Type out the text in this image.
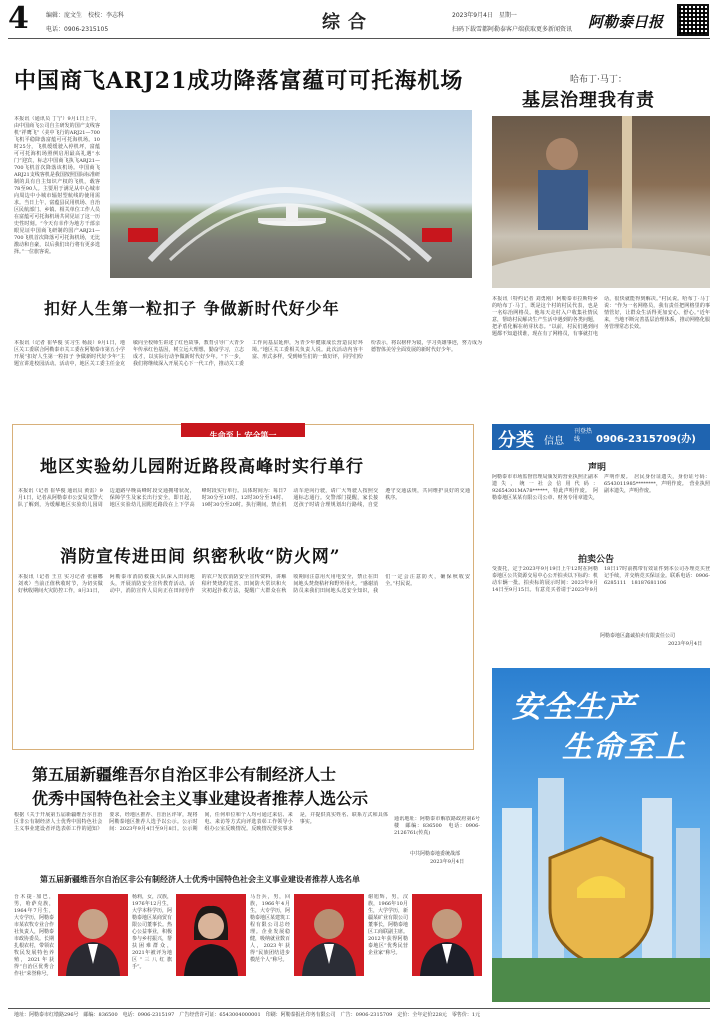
4	编辑：庞文生　校校：李志科
电话：0906-2315105	综合	2023年9月4日　星期一
扫码下载雪都阿勒泰客户端获取更多新闻资讯 阿勒泰日报
中国商飞ARJ21成功降落富蕴可可托海机场
本报讯（通讯员 丁宁）9月1日上午，由中国商飞公司自主研发的国产支线客机“祥鹰飞”（美中飞行的ARJ21—700飞机平稳降落富蕴可可托海机场。10时25分，飞机缓缓驶入停机坪，富蕴可可托海机场照例启用最高礼遇“水门”迎宾，标志中国商飞执飞ARJ21—700飞机首次降落该机场。中国商飞ARJ21支线客机是我国按照国际标准研制的具有自主知识产权的飞机，载客78至90人。主要用于满足从中心城市向周边中小城市辐射型航线的使用需求。当日上午，富蕴县民用机场、自治区民航部门、乡镇、相关单位工作人员在富蕴可可托海机场共同见证了这一历史性时刻。“今天有幸作为地方干部亲眼见证中国商飞研制的国产ARJ21—700飞机首次降落可可托海机场，无比激动和自豪，以后我们出行将有更多选择。”一位旅客说。
哈布丁·马丁：
基层治理我有责
本报讯（特约记者 刘勇刚）阿勒泰市拉斯特乡的哈布丁·马丁，既是这个村的村民代表，也是一名综治网格员。他每天走村入户收集社情民意，帮助村民解决生产生活中遇到的各类问题，把矛盾化解在萌芽状态。“以前，村民们遇到问题都不知道找谁，现在有了网格员，有事就打电话，很快就能得到解决。”村民说。哈布丁·马丁说：“作为一名网格员，我有责任把网格里的事情管好，让群众生活得更加安心、舒心。”近年来，当地不断完善基层治理体系，推动网格化服务管理常态长效。
扣好人生第一粒扣子 争做新时代好少年
本报讯（记者 崔华俊 实习生 杨晨）9月1日，地区关工委联合阿勒泰市关工委在阿勒泰市第五小学开展“扣好人生第一粒扣子 争做新时代好少年”主题宣讲进校园活动。活动中，地区关工委主任金克敏向全校师生讲述了红色故事，教育引导广大青少年传承红色基因，树立远大理想，勤奋学习，立志成才，以实际行动争做新时代好少年。“下一步，我们将继续深入开展关心下一代工作，推动关工委工作向基层延伸，为青少年健康成长营造良好环境。”地区关工委相关负责人说。此次活动内容丰富、形式多样，受到师生们的一致好评，同学们纷纷表示，将以榜样为镜，学习英雄事迹，努力成为德智体美劳全面发展的新时代好少年。
生命至上 安全第一
地区实验幼儿园附近路段高峰时实行单行
本报讯（记者 崔华俊 通讯员 黄雷）9月1日，记者从阿勒泰市公安局交警大队了解到，为缓解地区实验幼儿园周边道路早晚高峰时段交通拥堵状况，保障学生及家长出行安全，即日起，地区实验幼儿园附近路段在上下学高峰时段实行单行。具体时间为：每日7时30分至10时、12时30分至14时、19时30分至20时。执行期间，禁止机动车逆向行驶，请广大驾驶人按照交通标志通行。交警部门提醒，家长接送孩子时请合理规划出行路线，自觉遵守交通法规，共同维护良好的交通秩序。
消防宣传进田间 织密秋收“防火网”
本报讯（记者 王豆 实习记者 张丽娜 刘欢）当前正值秋收时节，为切实做好秋收期间火灾防控工作，8月31日，阿勒泰市消防救援大队深入田间地头，开展消防安全宣传教育活动。活动中，消防宣传人员向正在田间劳作的农户发放消防安全宣传资料，讲解秸秆焚烧的危害、田间防火常识和火灾初起扑救方法，提醒广大群众在秋收期间注意用火用电安全，禁止在田间地头焚烧秸秆和野外用火。“感谢消防员来我们田间地头送安全知识，我们一定会注意防火，确保秋收安全。”村民说。
分类 信息
刊登热线	0906-2315709(办)
声明
阿勒泰市市场监督管理局颁发的营业执照正副本遗失，统一社会信用代码：92654301MA78******，特此声明作废。　阿勒泰地区某某有限公司公章、财务专用章遗失，声明作废。　居民身份证遗失，身份证号码：6543011985********，声明作废。　营业执照副本遗失，声明作废。
拍卖公告
受委托，定于2023年9月19日上午12时在阿勒泰地区公共资源交易中心公开拍卖以下标的：机动车辆一批。拍卖标的展示时间：2023年9月14日至9月15日。有意竞买者请于2023年9月18日17时前携带有效证件到本公司办理竞买登记手续，并交纳竞买保证金。联系电话：0906-6285111　18187681106
阿勒泰地区鑫诚拍卖有限责任公司
2023年9月4日
安全生产
生命至上
第五届新疆维吾尔自治区非公有制经济人士
优秀中国特色社会主义事业建设者推荐人选公示
根据《关于开展第五届新疆维吾尔自治区非公有制经济人士优秀中国特色社会主义事业建设者评选表彰工作的通知》要求，经地区推荐、自治区评审，现将阿勒泰地区推荐人选予以公示。公示时间：2023年9月4日至9月8日。公示期间，任何单位和个人均可通过来信、来电、来访等方式向评选表彰工作领导小组办公室反映情况。反映情况要实事求是，并提供真实姓名、联系方式和具体事实。	通讯地址：阿勒泰市解放路政府第6号楼　邮编：836500　电话：0906-2126761(传真)
中共阿勒泰地委统战部
2023年9月4日
第五届新疆维吾尔自治区非公有制经济人士优秀中国特色社会主义事业建设者推荐人选名单
吾木提·加巴，男，哈萨克族，1964年7月生，大专学历，阿勒泰市某农牧专业合作社负责人，阿勒泰市政协委员。长期扎根农村，带领农牧民发展特色养殖，2021年获得“自治区优秀合作社”荣誉称号。
杨莉，女，汉族，1976年12月生，大学本科学历，阿勒泰地区某商贸有限公司董事长。热心公益事业，积极参与乡村振兴，帮扶困难群众，2021年被评为地区“三八红旗手”。
马吾兵，男，回族，1966年4月生，大专学历，阿勒泰地区某建筑工程有限公司总经理。企业发展稳健，吸纳就业数百人，2023年获得“民族团结进步模范个人”称号。
谢旭辉，男，汉族，1966年10月生，大学学历，新疆某矿业有限公司董事长，阿勒泰地区工商联副主席。2012年获得阿勒泰地区“优秀民营企业家”称号。
地址：阿勒泰市红墩路296号　邮编：836500　电话：0906-2315197　广告经营许可证：6543004000001　印刷：阿勒泰报社印务有限公司　广告：0906-2315709　定价：全年定价228元　零售价：1元
